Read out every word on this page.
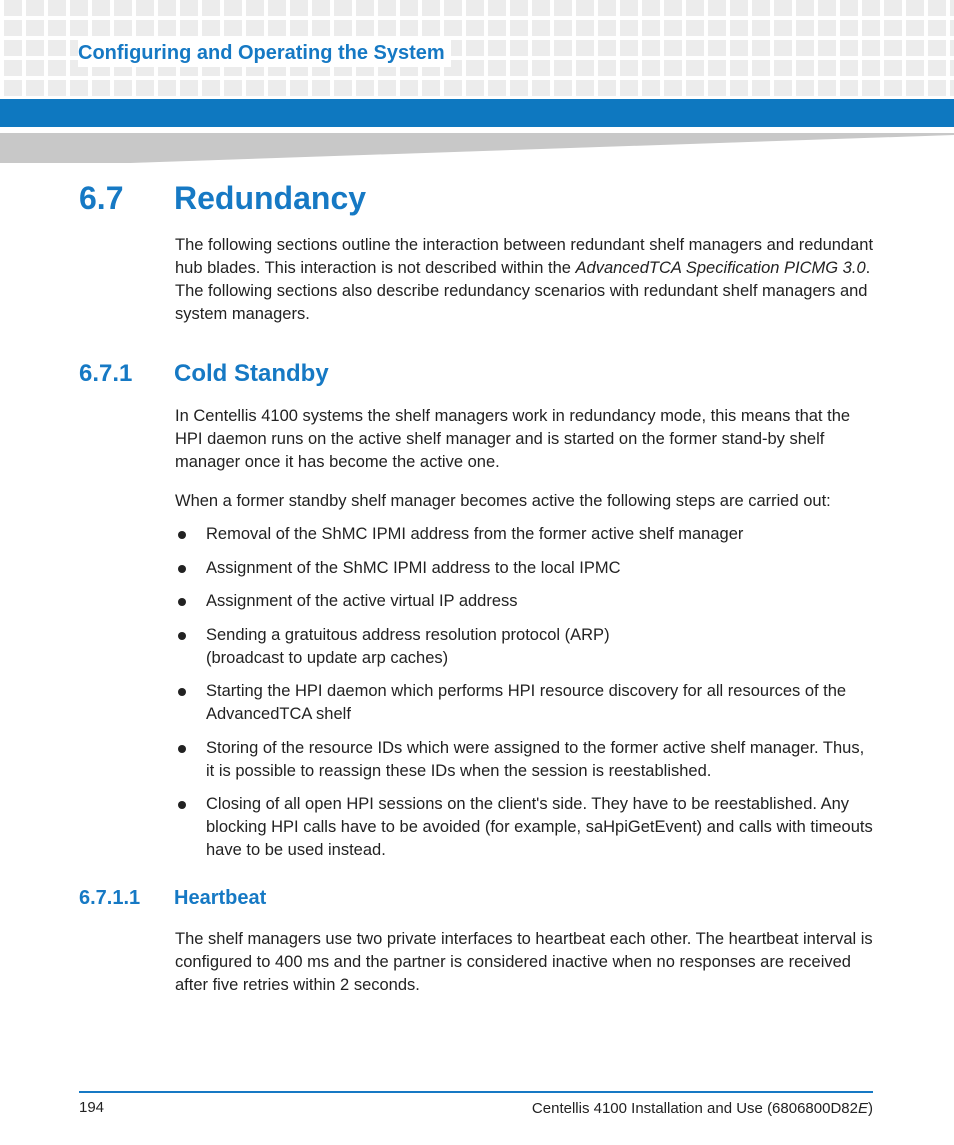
Configuring and Operating the System
6.7 Redundancy
The following sections outline the interaction between redundant shelf managers and redundant hub blades. This interaction is not described within the AdvancedTCA Specification PICMG 3.0. The following sections also describe redundancy scenarios with redundant shelf managers and system managers.
6.7.1 Cold Standby
In Centellis 4100 systems the shelf managers work in redundancy mode, this means that the HPI daemon runs on the active shelf manager and is started on the former stand-by shelf manager once it has become the active one.
When a former standby shelf manager becomes active the following steps are carried out:
Removal of the ShMC IPMI address from the former active shelf manager
Assignment of the ShMC IPMI address to the local IPMC
Assignment of the active virtual IP address
Sending a gratuitous address resolution protocol (ARP)
(broadcast to update arp caches)
Starting the HPI daemon which performs HPI resource discovery for all resources of the AdvancedTCA shelf
Storing of the resource IDs which were assigned to the former active shelf manager. Thus, it is possible to reassign these IDs when the session is reestablished.
Closing of all open HPI sessions on the client's side. They have to be reestablished. Any blocking HPI calls have to be avoided (for example, saHpiGetEvent) and calls with timeouts have to be used instead.
6.7.1.1 Heartbeat
The shelf managers use two private interfaces to heartbeat each other. The heartbeat interval is configured to 400 ms and the partner is considered inactive when no responses are received after five retries within 2 seconds.
194	Centellis 4100 Installation and Use (6806800D82E)
